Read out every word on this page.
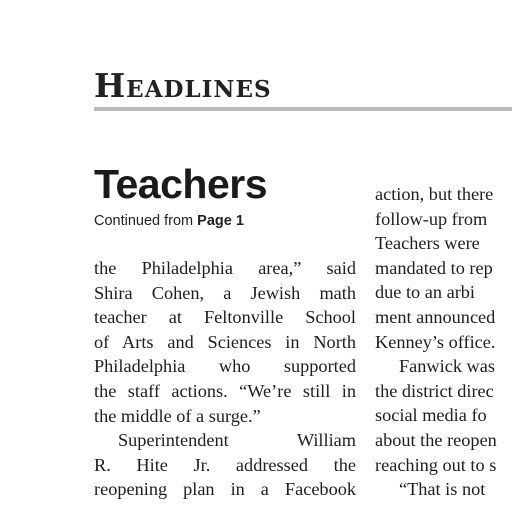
Headlines
Teachers
Continued from Page 1
the Philadelphia area,” said
Shira Cohen, a Jewish math
teacher at Feltonville School
of Arts and Sciences in North
Philadelphia who supported
the staff actions. “We’re still in
the middle of a surge.”
Superintendent William
R. Hite Jr. addressed the
reopening plan in a Facebook
action, but there
follow-up from
Teachers were
mandated to rep
due to an arbi
ment announced
Kenney’s office.
Fanwick was
the district direc
social media fo
about the reopen
reaching out to s
“That is not
